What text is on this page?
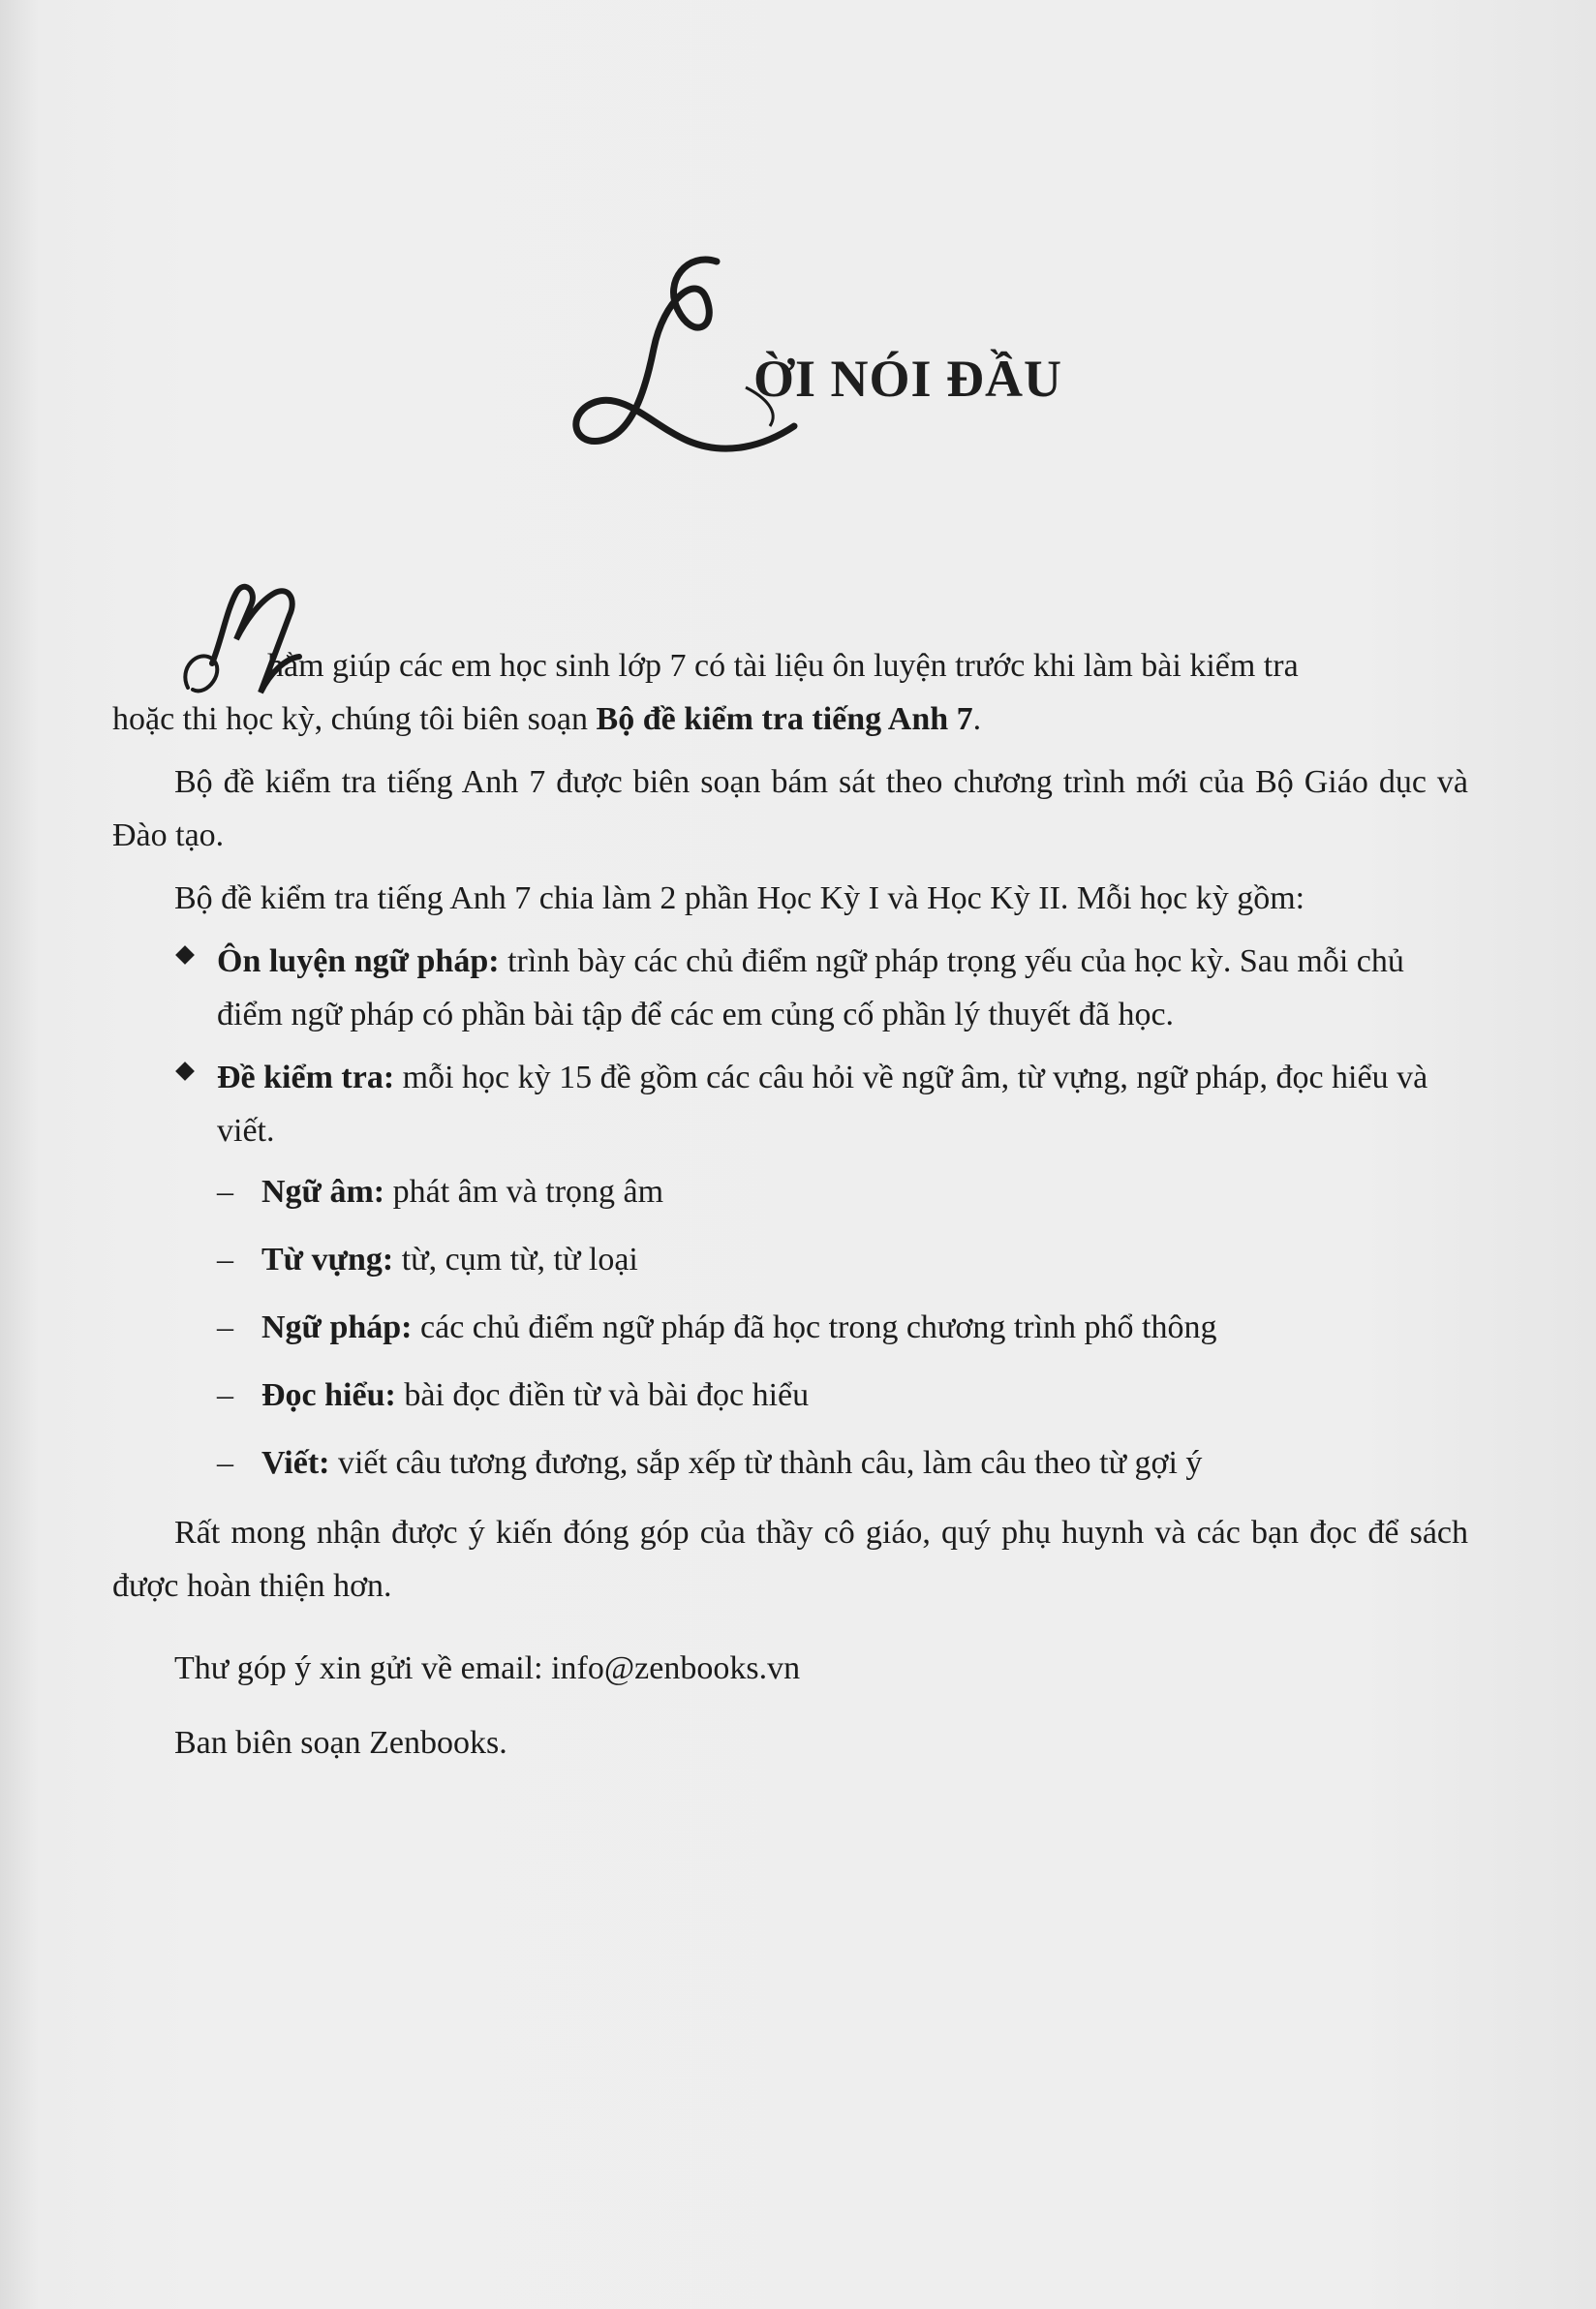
ỜI NÓI ĐẦU
hằm giúp các em học sinh lớp 7 có tài liệu ôn luyện trước khi làm bài kiểm tra
hoặc thi học kỳ, chúng tôi biên soạn Bộ đề kiểm tra tiếng Anh 7.

Bộ đề kiểm tra tiếng Anh 7 được biên soạn bám sát theo chương trình mới của Bộ Giáo dục và Đào tạo.

Bộ đề kiểm tra tiếng Anh 7 chia làm 2 phần Học Kỳ I và Học Kỳ II. Mỗi học kỳ gồm:

Ôn luyện ngữ pháp: trình bày các chủ điểm ngữ pháp trọng yếu của học kỳ. Sau mỗi chủ điểm ngữ pháp có phần bài tập để các em củng cố phần lý thuyết đã học.
Đề kiểm tra: mỗi học kỳ 15 đề gồm các câu hỏi về ngữ âm, từ vựng, ngữ pháp, đọc hiểu và viết.
– Ngữ âm: phát âm và trọng âm
– Từ vựng: từ, cụm từ, từ loại
– Ngữ pháp: các chủ điểm ngữ pháp đã học trong chương trình phổ thông
– Đọc hiểu: bài đọc điền từ và bài đọc hiểu
– Viết: viết câu tương đương, sắp xếp từ thành câu, làm câu theo từ gợi ý

Rất mong nhận được ý kiến đóng góp của thầy cô giáo, quý phụ huynh và các bạn đọc để sách được hoàn thiện hơn.

Thư góp ý xin gửi về email: info@zenbooks.vn

Ban biên soạn Zenbooks.
